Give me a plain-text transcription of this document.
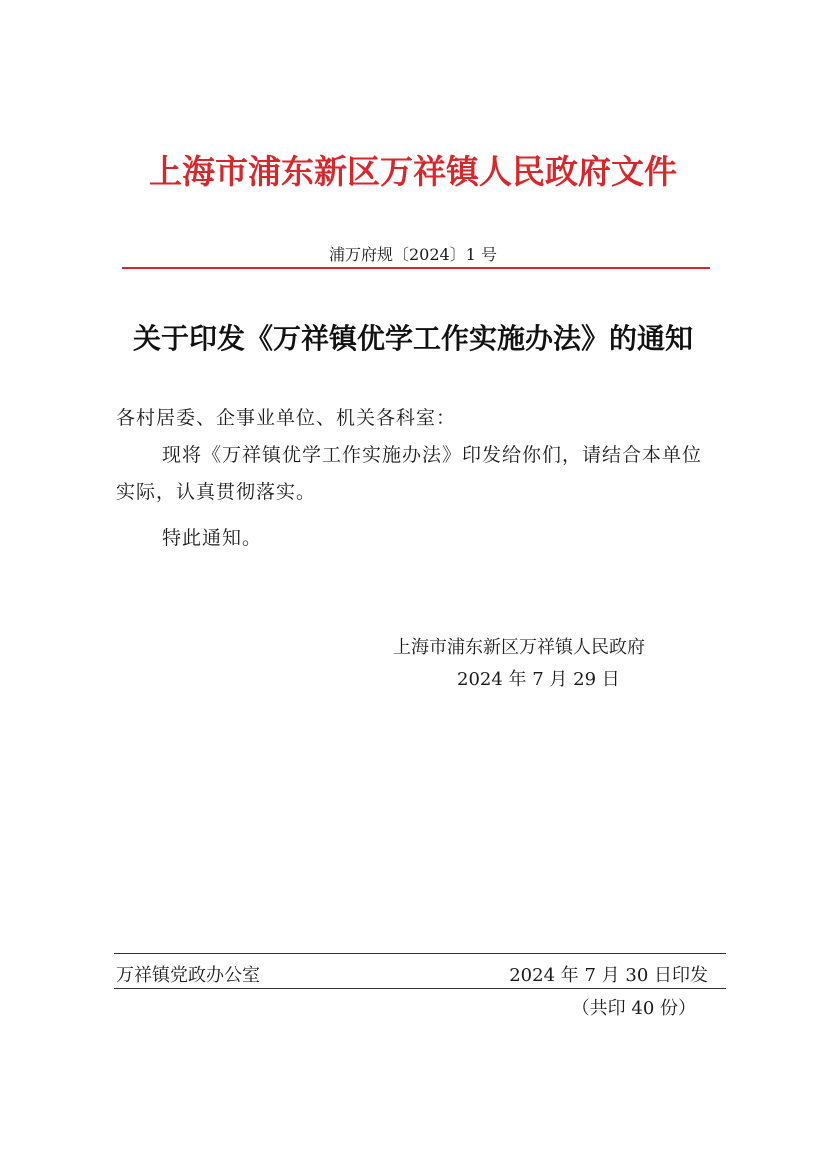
上海市浦东新区万祥镇人民政府文件
浦万府规〔2024〕1 号
关于印发《万祥镇优学工作实施办法》的通知
各村居委、企事业单位、机关各科室：
现将《万祥镇优学工作实施办法》印发给你们，请结合本单位实际，认真贯彻落实。
特此通知。
上海市浦东新区万祥镇人民政府
2024 年 7 月 29 日
万祥镇党政办公室	2024 年 7 月 30 日印发
（共印 40 份）
